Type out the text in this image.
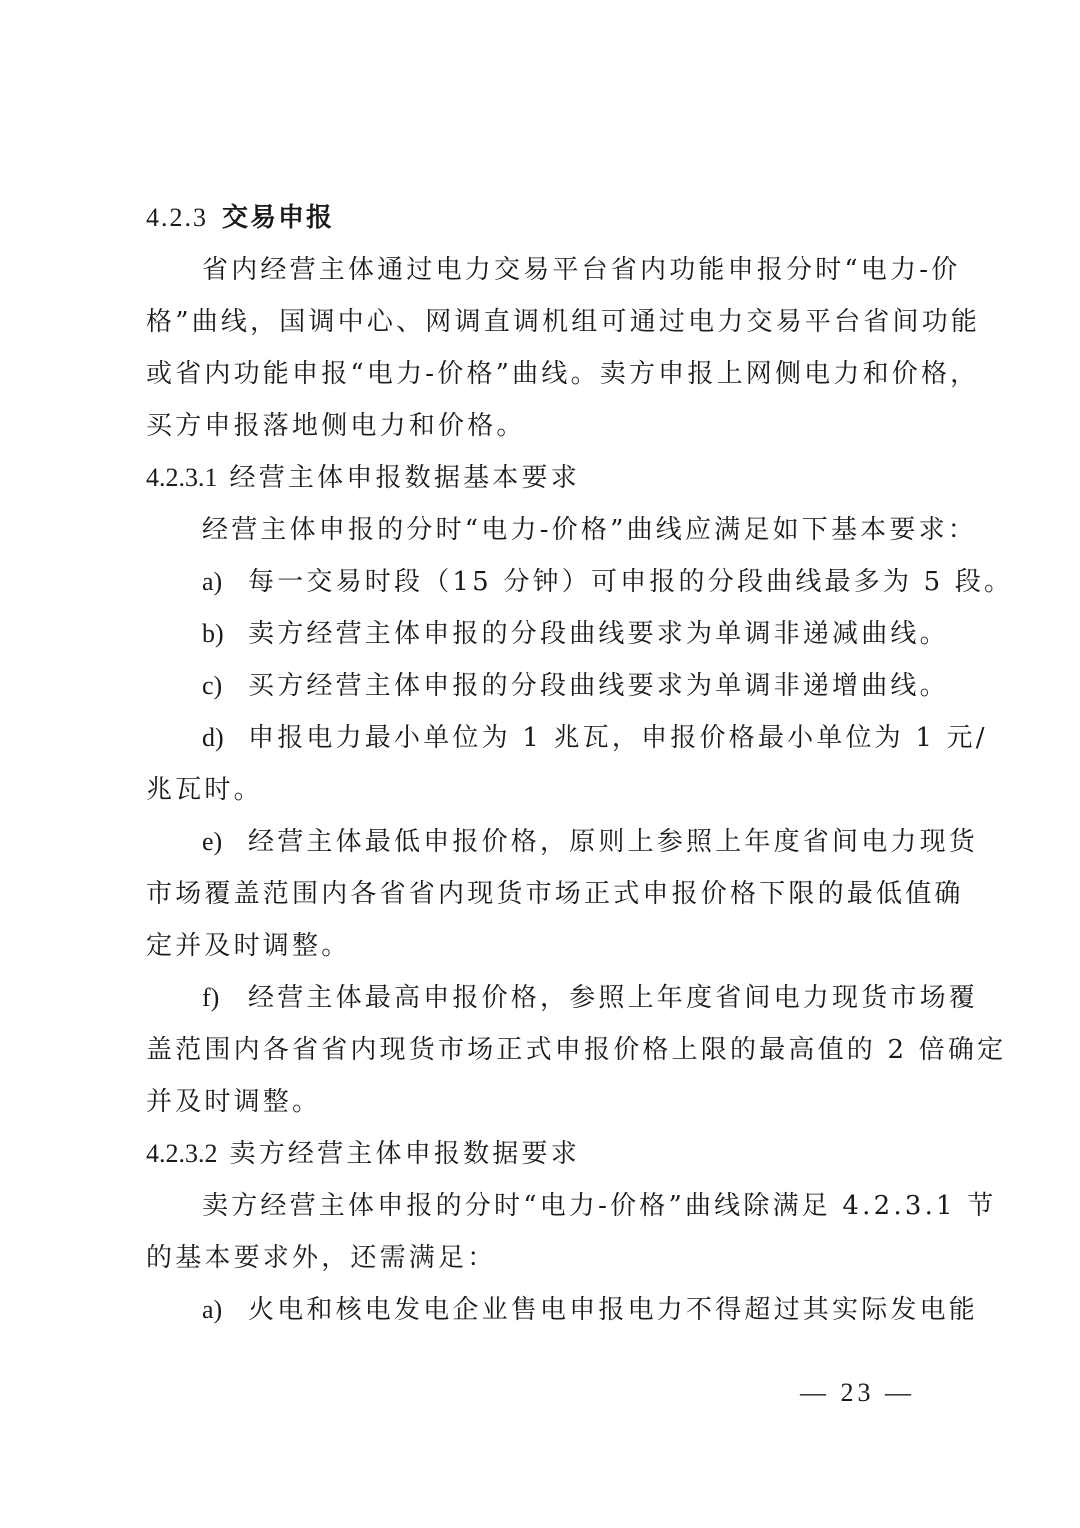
4.2.3 交易申报
省内经营主体通过电力交易平台省内功能申报分时“电力-价
格”曲线，国调中心、网调直调机组可通过电力交易平台省间功能
或省内功能申报“电力-价格”曲线。卖方申报上网侧电力和价格，
买方申报落地侧电力和价格。
4.2.3.1 经营主体申报数据基本要求
经营主体申报的分时“电力-价格”曲线应满足如下基本要求：
a) 每一交易时段（15 分钟）可申报的分段曲线最多为 5 段。
b) 卖方经营主体申报的分段曲线要求为单调非递减曲线。
c) 买方经营主体申报的分段曲线要求为单调非递增曲线。
d) 申报电力最小单位为 1 兆瓦，申报价格最小单位为 1 元/
兆瓦时。
e) 经营主体最低申报价格，原则上参照上年度省间电力现货
市场覆盖范围内各省省内现货市场正式申报价格下限的最低值确
定并及时调整。
f) 经营主体最高申报价格，参照上年度省间电力现货市场覆
盖范围内各省省内现货市场正式申报价格上限的最高值的 2 倍确定
并及时调整。
4.2.3.2 卖方经营主体申报数据要求
卖方经营主体申报的分时“电力-价格”曲线除满足 4.2.3.1 节
的基本要求外，还需满足：
a) 火电和核电发电企业售电申报电力不得超过其实际发电能
— 23 —
